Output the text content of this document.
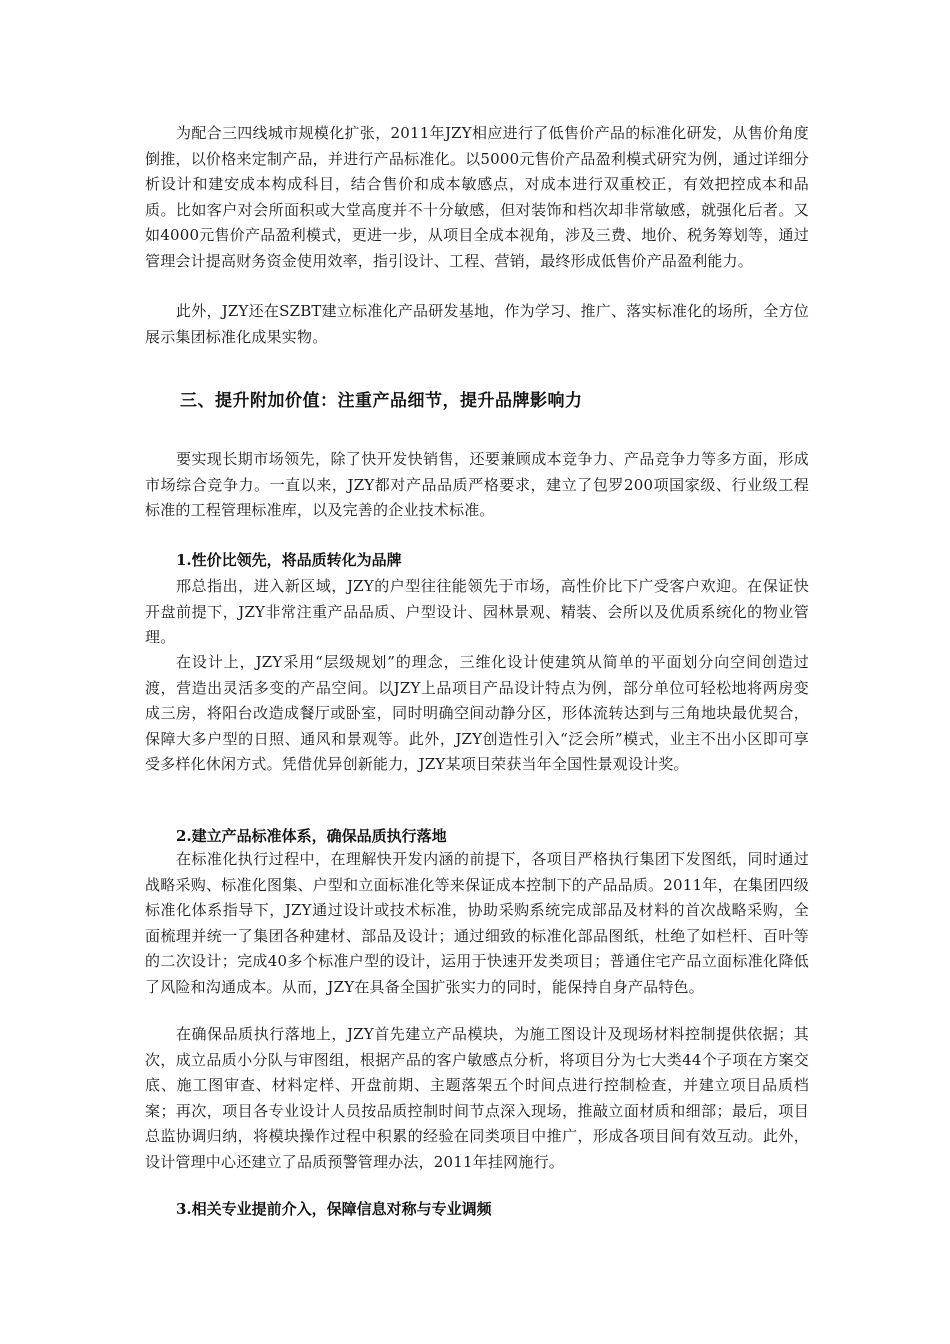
为配合三四线城市规模化扩张，2011年JZY相应进行了低售价产品的标准化研发，从售价角度倒推，以价格来定制产品，并进行产品标准化。以5000元售价产品盈利模式研究为例，通过详细分析设计和建安成本构成科目，结合售价和成本敏感点，对成本进行双重校正，有效把控成本和品质。比如客户对会所面积或大堂高度并不十分敏感，但对装饰和档次却非常敏感，就强化后者。又如4000元售价产品盈利模式，更进一步，从项目全成本视角，涉及三费、地价、税务筹划等，通过管理会计提高财务资金使用效率，指引设计、工程、营销，最终形成低售价产品盈利能力。

此外，JZY还在SZBT建立标准化产品研发基地，作为学习、推广、落实标准化的场所，全方位展示集团标准化成果实物。

三、提升附加价值：注重产品细节，提升品牌影响力

要实现长期市场领先，除了快开发快销售，还要兼顾成本竞争力、产品竞争力等多方面，形成市场综合竞争力。一直以来，JZY都对产品品质严格要求，建立了包罗200项国家级、行业级工程标准的工程管理标准库，以及完善的企业技术标准。

1.性价比领先，将品质转化为品牌

邢总指出，进入新区域，JZY的户型往往能领先于市场，高性价比下广受客户欢迎。在保证快开盘前提下，JZY非常注重产品品质、户型设计、园林景观、精装、会所以及优质系统化的物业管理。

在设计上，JZY采用“层级规划”的理念，三维化设计使建筑从简单的平面划分向空间创造过渡，营造出灵活多变的产品空间。以JZY上品项目产品设计特点为例，部分单位可轻松地将两房变成三房，将阳台改造成餐厅或卧室，同时明确空间动静分区，形体流转达到与三角地块最优契合，保障大多户型的日照、通风和景观等。此外，JZY创造性引入“泛会所”模式，业主不出小区即可享受多样化休闲方式。凭借优异创新能力，JZY某项目荣获当年全国性景观设计奖。

2.建立产品标准体系，确保品质执行落地

在标准化执行过程中，在理解快开发内涵的前提下，各项目严格执行集团下发图纸，同时通过战略采购、标准化图集、户型和立面标准化等来保证成本控制下的产品品质。2011年，在集团四级标准化体系指导下，JZY通过设计或技术标准，协助采购系统完成部品及材料的首次战略采购，全面梳理并统一了集团各种建材、部品及设计；通过细致的标准化部品图纸，杜绝了如栏杆、百叶等的二次设计；完成40多个标准户型的设计，运用于快速开发类项目；普通住宅产品立面标准化降低了风险和沟通成本。从而，JZY在具备全国扩张实力的同时，能保持自身产品特色。

在确保品质执行落地上，JZY首先建立产品模块，为施工图设计及现场材料控制提供依据；其次，成立品质小分队与审图组，根据产品的客户敏感点分析，将项目分为七大类44个子项在方案交底、施工图审查、材料定样、开盘前期、主题落架五个时间点进行控制检查，并建立项目品质档案；再次，项目各专业设计人员按品质控制时间节点深入现场，推敲立面材质和细部；最后，项目总监协调归纳，将模块操作过程中积累的经验在同类项目中推广，形成各项目间有效互动。此外，设计管理中心还建立了品质预警管理办法，2011年挂网施行。

3.相关专业提前介入，保障信息对称与专业调频
